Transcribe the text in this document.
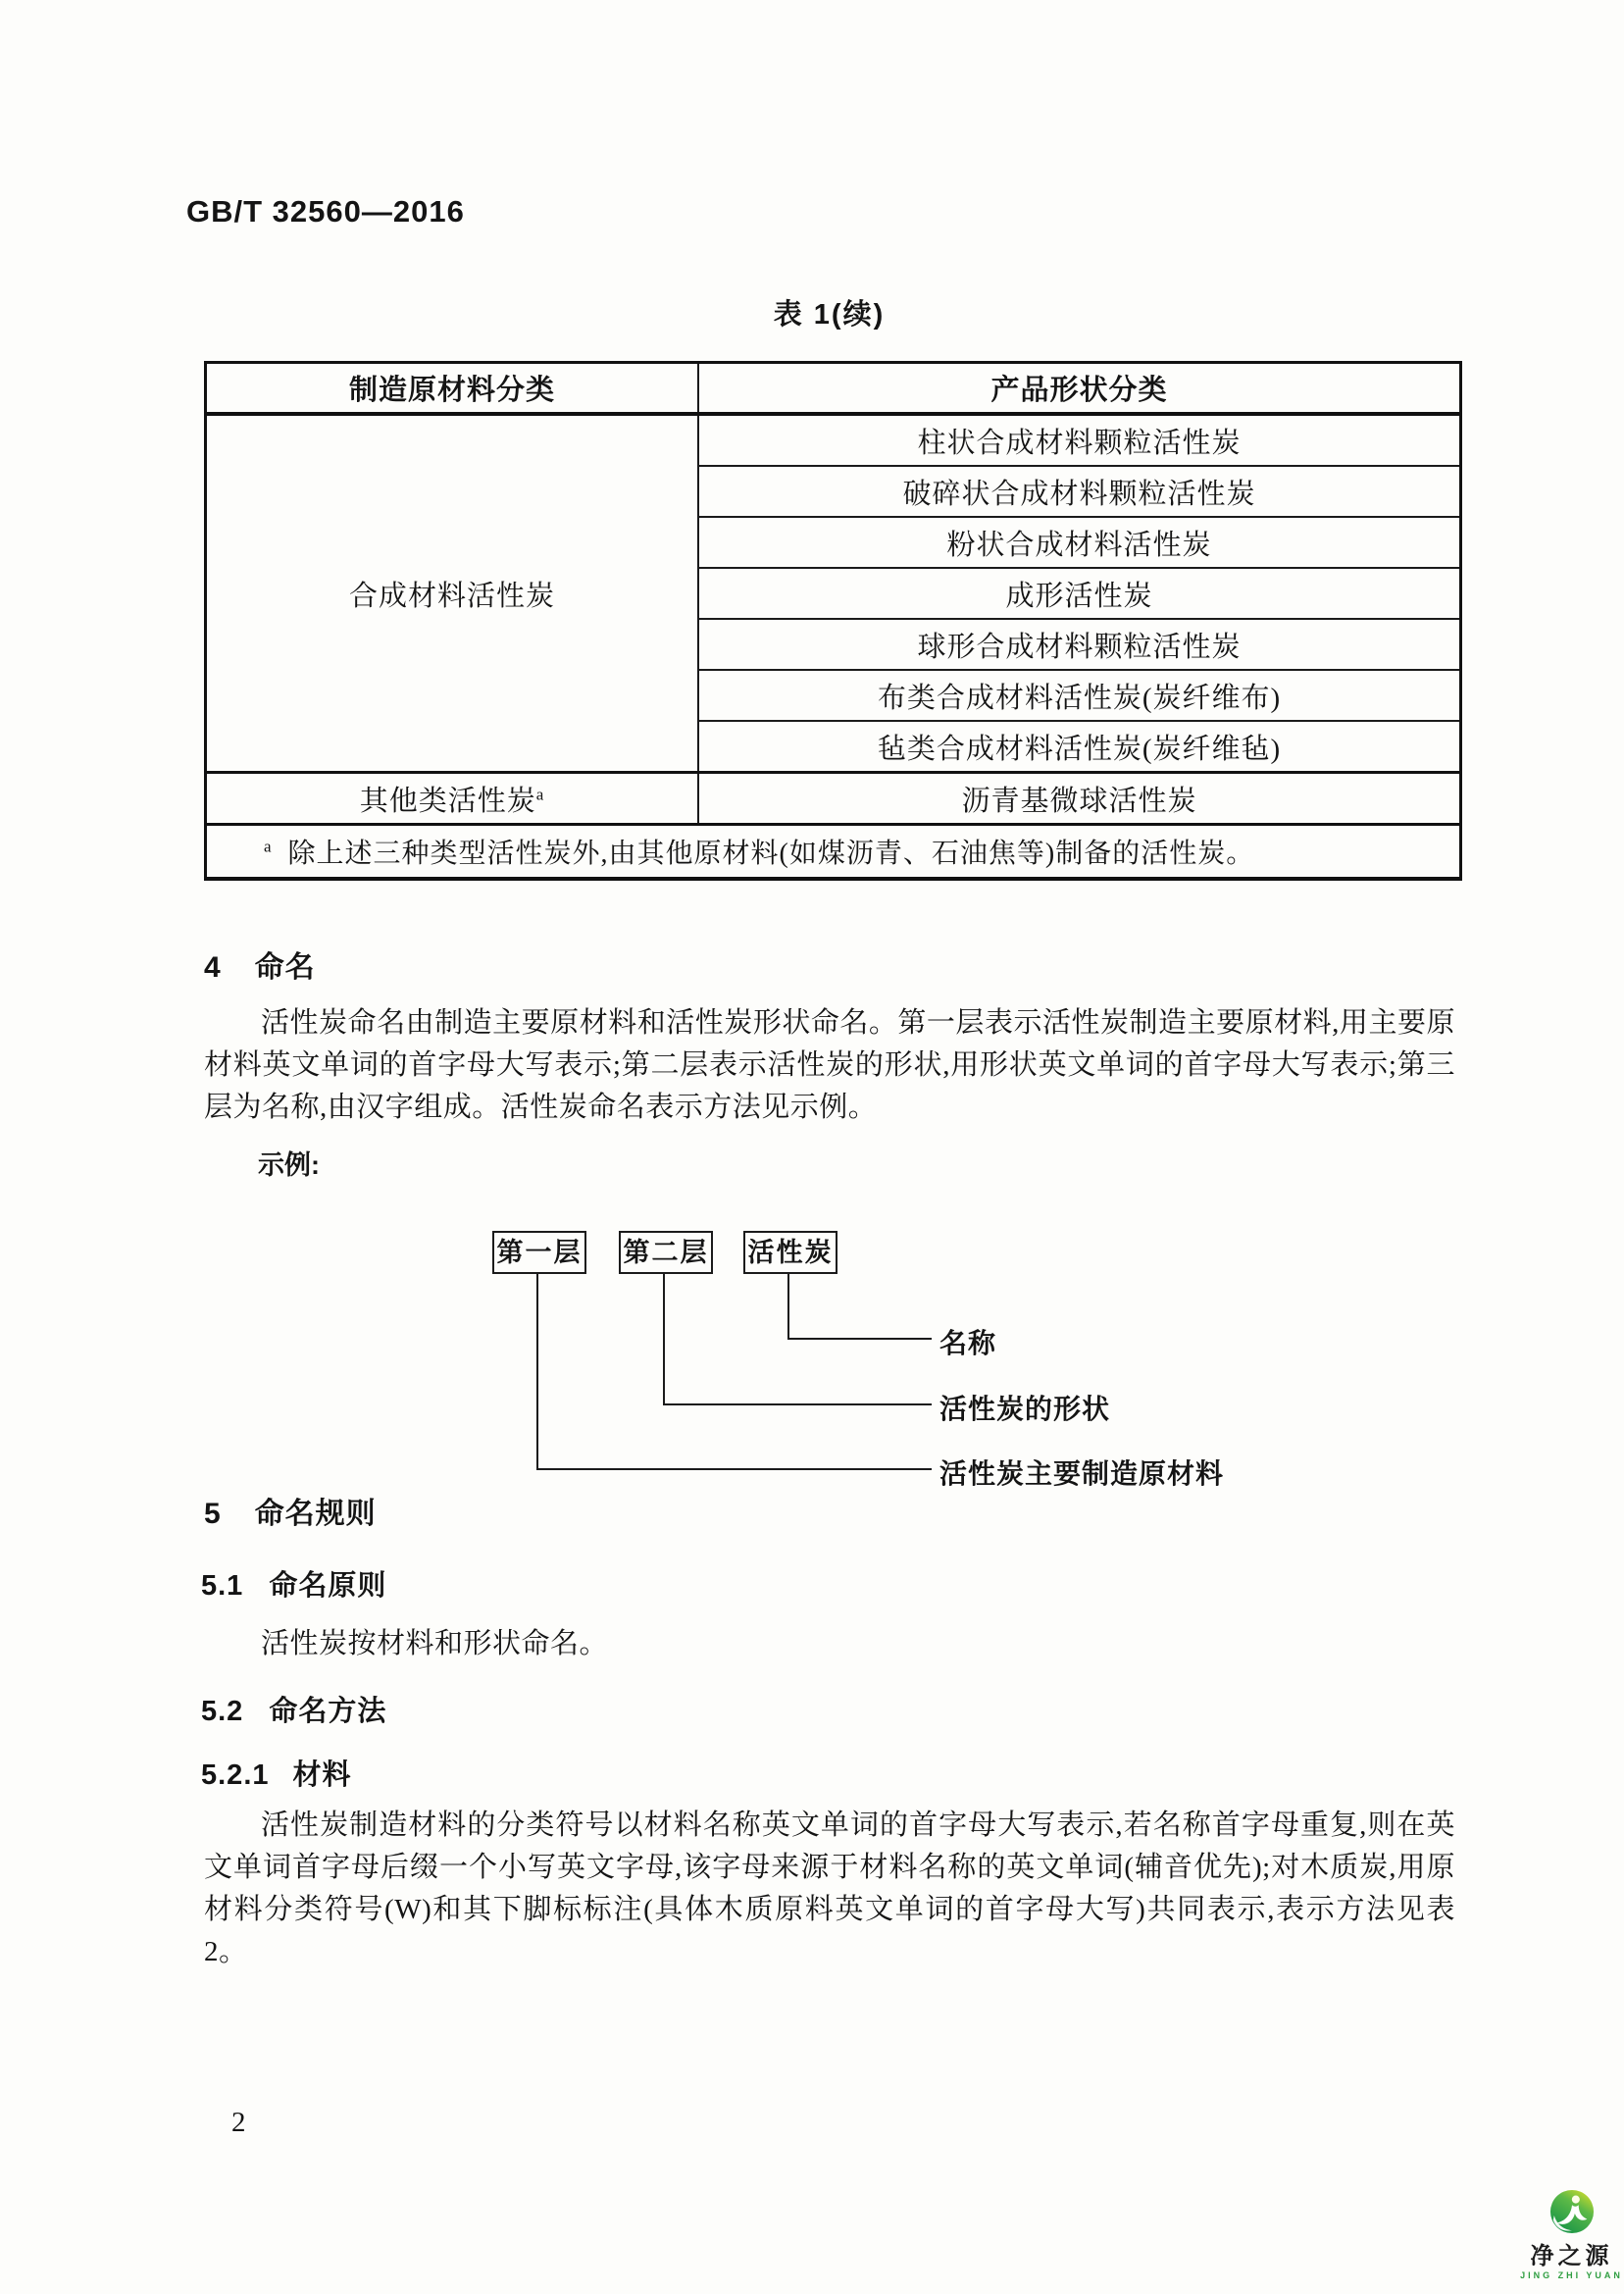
GB/T 32560—2016
表 1(续)
制造原材料分类	产品形状分类
合成材料活性炭	柱状合成材料颗粒活性炭
	破碎状合成材料颗粒活性炭
	粉状合成材料活性炭
	成形活性炭
	球形合成材料颗粒活性炭
	布类合成材料活性炭(炭纤维布)
	毡类合成材料活性炭(炭纤维毡)
其他类活性炭$^a$	沥青基微球活性炭
$^a$ 除上述三种类型活性炭外,由其他原材料(如煤沥青、石油焦等)制备的活性炭。	
4 命名
活性炭命名由制造主要原材料和活性炭形状命名。第一层表示活性炭制造主要原材料,用主要原材料英文单词的首字母大写表示;第二层表示活性炭的形状,用形状英文单词的首字母大写表示;第三层为名称,由汉字组成。活性炭命名表示方法见示例。
示例:
第一层 第二层 活性炭
名称
活性炭的形状
活性炭主要制造原材料
5 命名规则
5.1 命名原则
活性炭按材料和形状命名。
5.2 命名方法
5.2.1 材料
活性炭制造材料的分类符号以材料名称英文单词的首字母大写表示,若名称首字母重复,则在英文单词首字母后缀一个小写英文字母,该字母来源于材料名称的英文单词(辅音优先);对木质炭,用原材料分类符号(W)和其下脚标标注(具体木质原料英文单词的首字母大写)共同表示,表示方法见表 2。
2
净之源
JING ZHI YUAN
